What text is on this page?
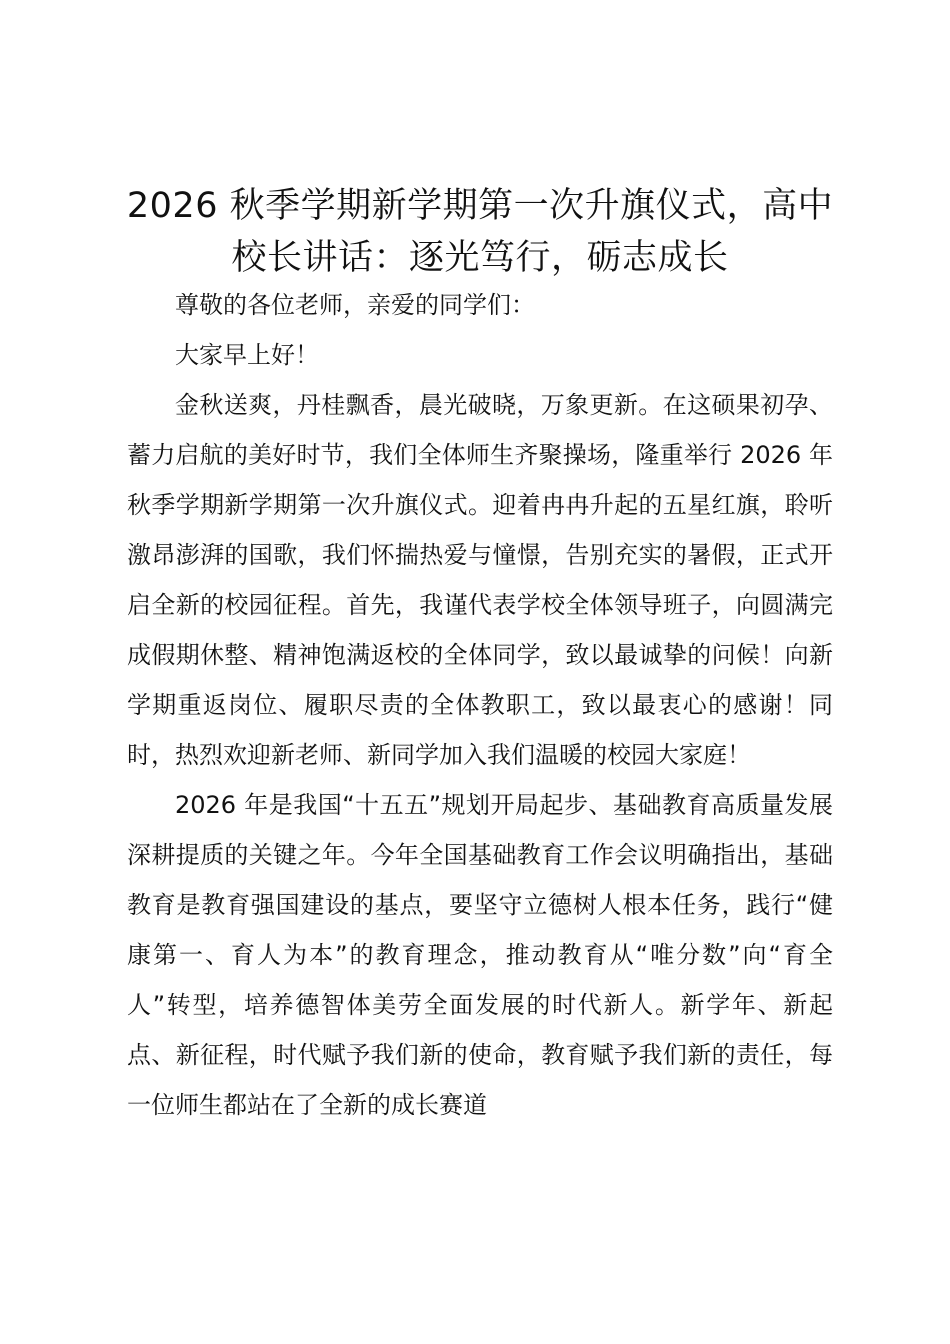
2026 秋季学期新学期第一次升旗仪式，高中校长讲话：逐光笃行，砺志成长

尊敬的各位老师，亲爱的同学们：

大家早上好！

金秋送爽，丹桂飘香，晨光破晓，万象更新。在这硕果初孕、蓄力启航的美好时节，我们全体师生齐聚操场，隆重举行 2026 年秋季学期新学期第一次升旗仪式。迎着冉冉升起的五星红旗，聆听激昂澎湃的国歌，我们怀揣热爱与憧憬，告别充实的暑假，正式开启全新的校园征程。首先，我谨代表学校全体领导班子，向圆满完成假期休整、精神饱满返校的全体同学，致以最诚挚的问候！向新学期重返岗位、履职尽责的全体教职工，致以最衷心的感谢！同时，热烈欢迎新老师、新同学加入我们温暖的校园大家庭！

2026 年是我国“十五五”规划开局起步、基础教育高质量发展深耕提质的关键之年。今年全国基础教育工作会议明确指出，基础教育是教育强国建设的基点，要坚守立德树人根本任务，践行“健康第一、育人为本”的教育理念，推动教育从“唯分数”向“育全人”转型，培养德智体美劳全面发展的时代新人。新学年、新起点、新征程，时代赋予我们新的使命，教育赋予我们新的责任，每一位师生都站在了全新的成长赛道
